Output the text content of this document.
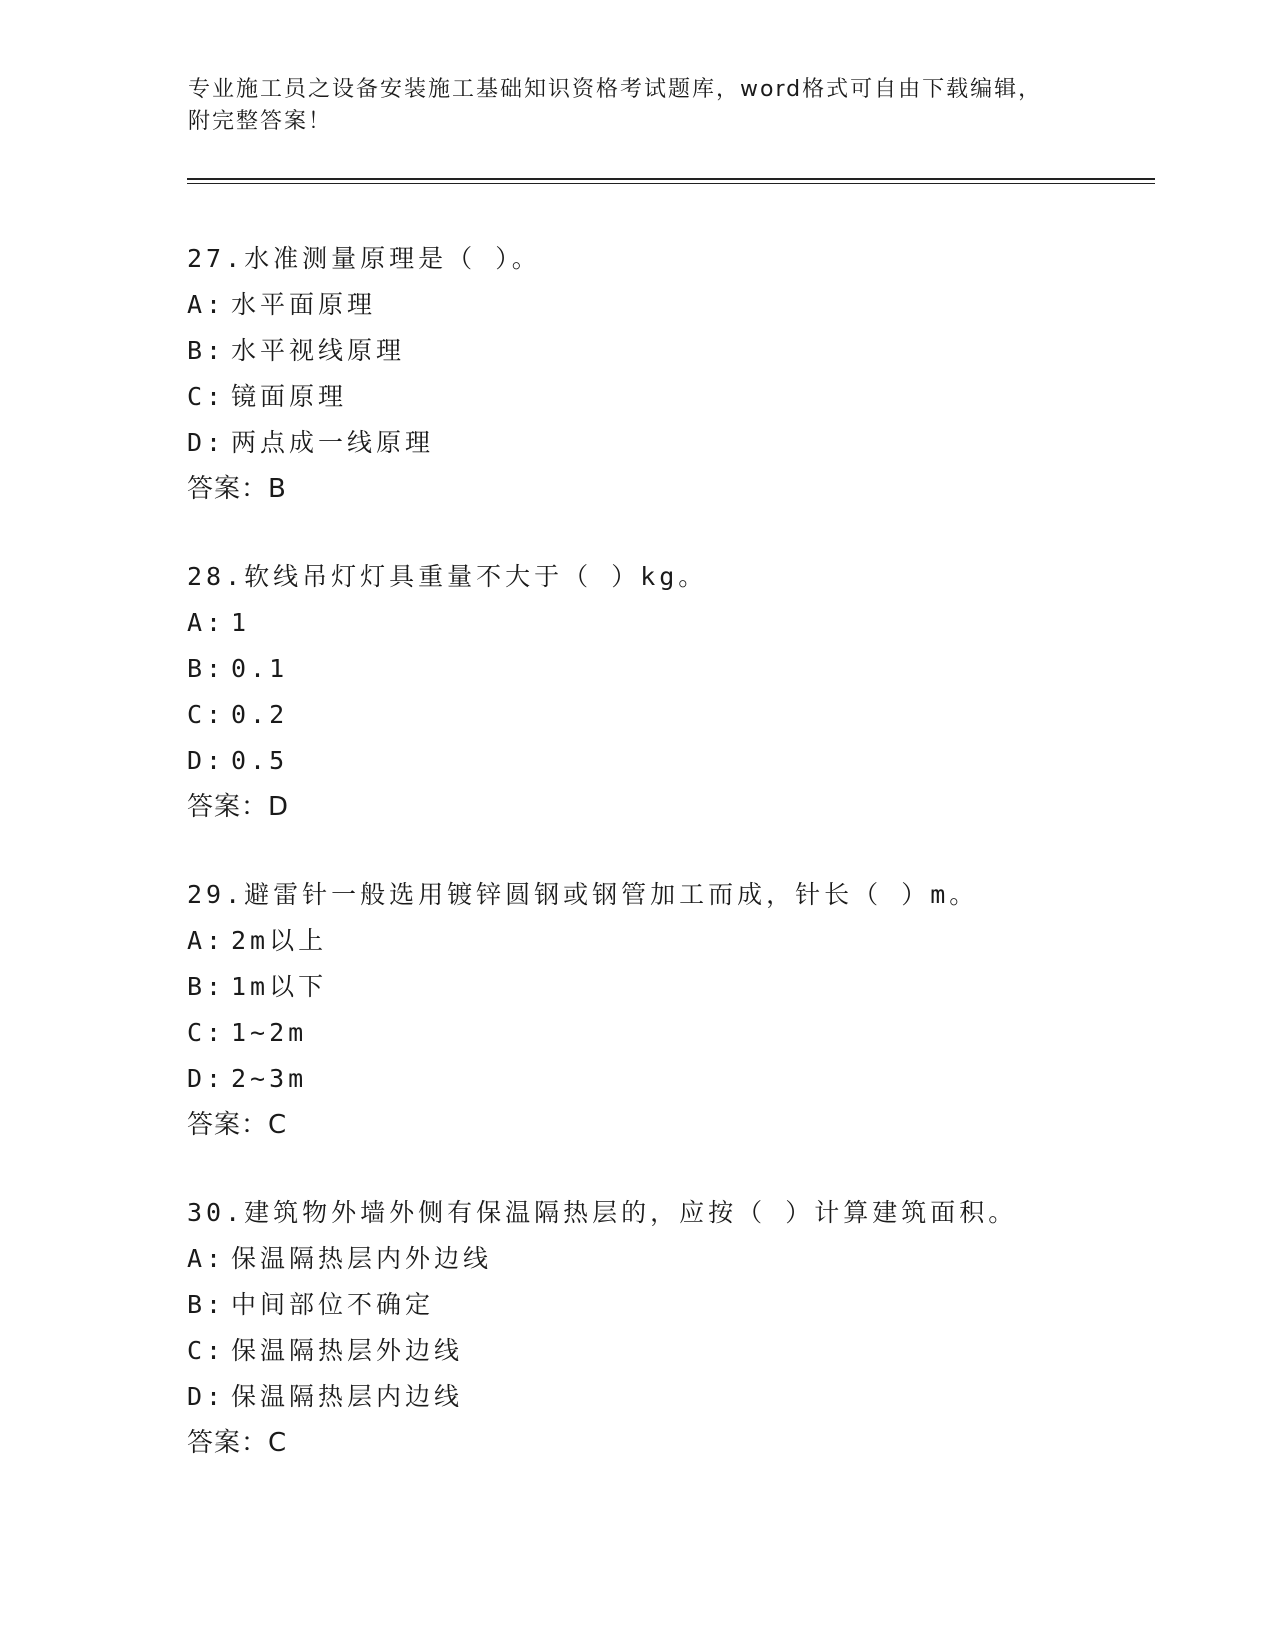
专业施工员之设备安装施工基础知识资格考试题库，word格式可自由下载编辑，
附完整答案！
27.水准测量原理是（ ）。
A: 水平面原理
B: 水平视线原理
C: 镜面原理
D: 两点成一线原理
答案：B
28.软线吊灯灯具重量不大于（ ）kg。
A: 1
B: 0.1
C: 0.2
D: 0.5
答案：D
29.避雷针一般选用镀锌圆钢或钢管加工而成，针长（ ）m。
A: 2m以上
B: 1m以下
C: 1~2m
D: 2~3m
答案：C
30.建筑物外墙外侧有保温隔热层的，应按（ ）计算建筑面积。
A: 保温隔热层内外边线
B: 中间部位不确定
C: 保温隔热层外边线
D: 保温隔热层内边线
答案：C
